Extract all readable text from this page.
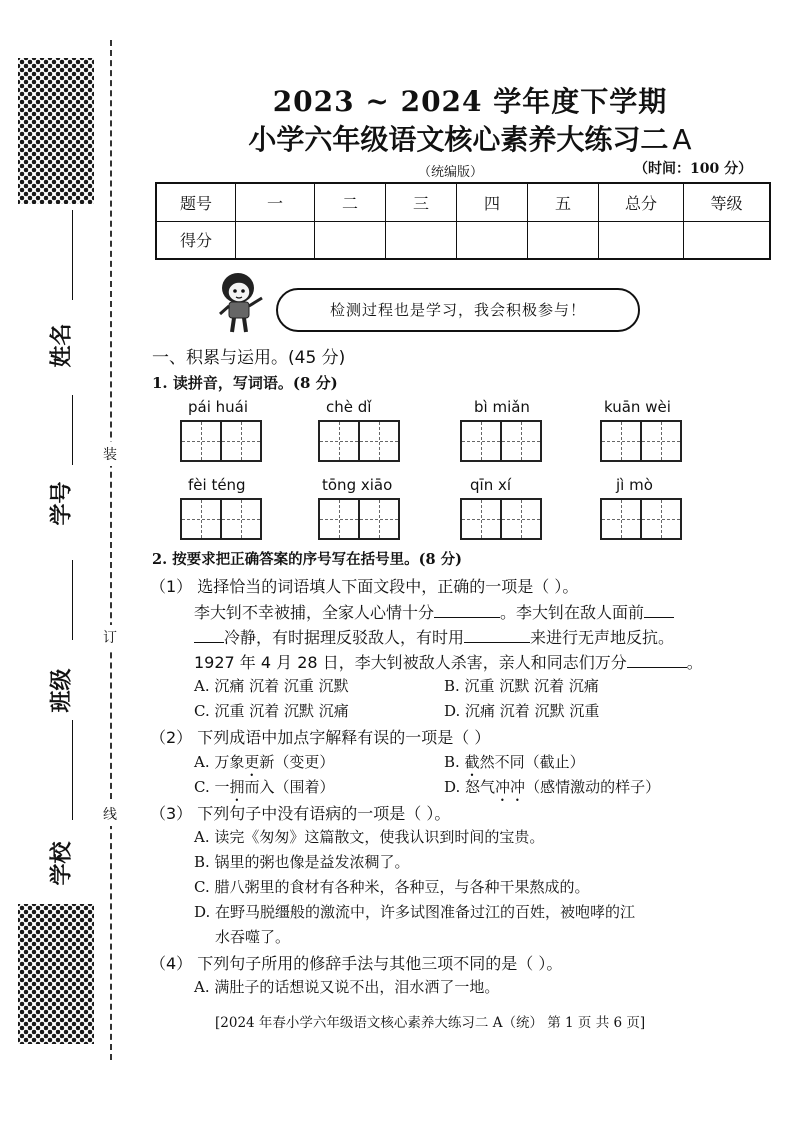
姓名
学号
班级
学校
装
订
线
2023 ~ 2024 学年度下学期
小学六年级语文核心素养大练习二 A
（统编版）	（时间：100 分）
题号	一	二	三	四	五	总分	等级
得分							
检测过程也是学习，我会积极参与！
一、积累与运用。(45 分)
1. 读拼音，写词语。(8 分)
pái huái	chè dǐ	bì miǎn	kuān wèi
fèi téng	tōng xiāo	qīn xí	jì mò
2. 按要求把正确答案的序号写在括号里。(8 分)
（1） 选择恰当的词语填人下面文段中，正确的一项是（ ）。
李大钊不幸被捕，全家人心情十分	。李大钊在敌人面前
冷静，有时据理反驳敌人，有时用	来进行无声地反抗。
1927 年 4 月 28 日，李大钊被敌人杀害，亲人和同志们万分	。
A. 沉痛 沉着 沉重 沉默	B. 沉重 沉默 沉着 沉痛
C. 沉重 沉着 沉默 沉痛	D. 沉痛 沉着 沉默 沉重
（2） 下列成语中加点字解释有误的一项是（ ）
A. 万象更新（变更）	B. 截然不同（截止）
C. 一拥而入（围着）	D. 怒气冲冲（感情激动的样子）
（3） 下列句子中没有语病的一项是（ ）。
A. 读完《匆匆》这篇散文，使我认识到时间的宝贵。
B. 锅里的粥也像是益发浓稠了。
C. 腊八粥里的食材有各种米，各种豆，与各种干果熬成的。
D. 在野马脱缰般的激流中，许多试图准备过江的百姓，被咆哮的江
水吞噬了。
（4） 下列句子所用的修辞手法与其他三项不同的是（ ）。
A. 满肚子的话想说又说不出，泪水洒了一地。
[2024 年春小学六年级语文核心素养大练习二 A（统） 第 1 页 共 6 页]
